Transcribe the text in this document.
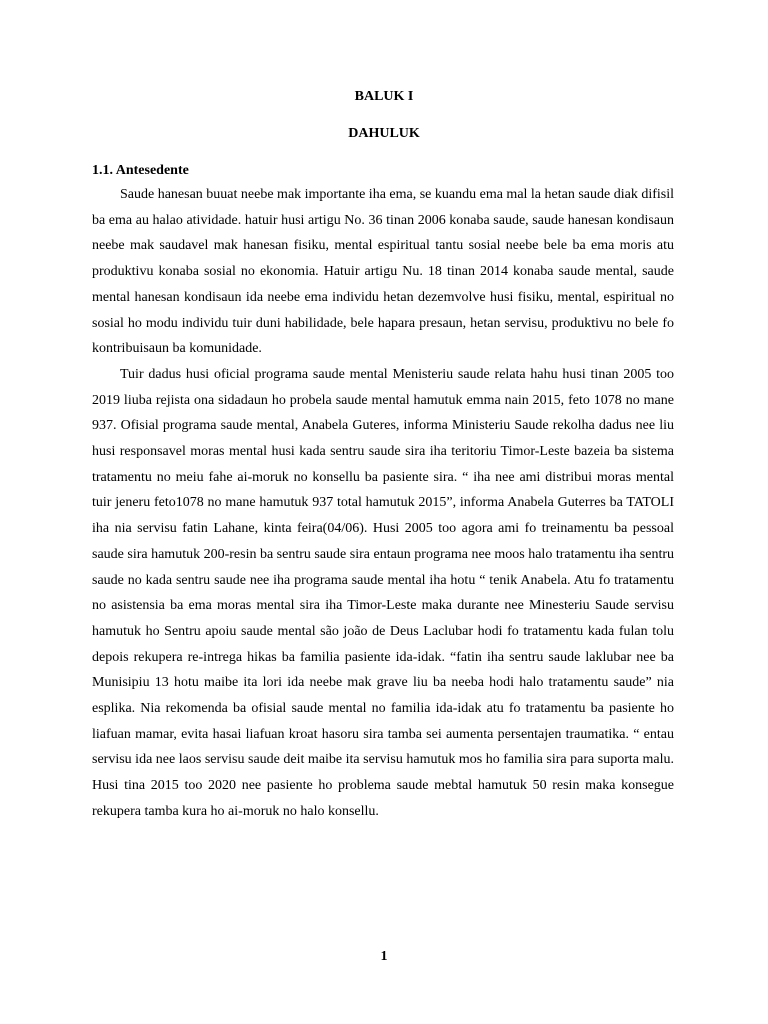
BALUK I
DAHULUK
1.1. Antesedente

Saude hanesan buuat neebe mak importante iha ema, se kuandu ema mal la hetan saude diak difisil ba ema au halao atividade. hatuir husi artigu No. 36 tinan 2006 konaba saude, saude hanesan kondisaun neebe mak saudavel mak hanesan fisiku, mental espiritual tantu sosial neebe bele ba ema moris atu produktivu konaba sosial no ekonomia. Hatuir artigu Nu. 18 tinan 2014 konaba saude mental, saude mental hanesan kondisaun ida neebe ema individu hetan dezemvolve husi fisiku, mental, espiritual no sosial ho modu individu tuir duni habilidade, bele hapara presaun, hetan servisu, produktivu no bele fo kontribuisaun ba komunidade.

Tuir dadus husi oficial programa saude mental Menisteriu saude relata hahu husi tinan 2005 too 2019 liuba rejista ona sidadaun ho probela saude mental hamutuk emma nain 2015, feto 1078 no mane 937. Ofisial programa saude mental, Anabela Guteres, informa Ministeriu Saude rekolha dadus nee liu husi responsavel moras mental husi kada sentru saude sira iha teritoriu Timor-Leste bazeia ba sistema tratamentu no meiu fahe ai-moruk no konsellu ba pasiente sira. “ iha nee ami distribui moras mental tuir jeneru feto1078 no mane hamutuk 937 total hamutuk 2015”, informa Anabela Guterres ba TATOLI iha nia servisu fatin Lahane, kinta feira(04/06). Husi 2005 too agora ami fo treinamentu ba pessoal saude sira hamutuk 200-resin ba sentru saude sira entaun programa nee moos halo tratamentu iha sentru saude no kada sentru saude nee iha programa saude mental iha hotu “ tenik Anabela. Atu fo tratamentu no asistensia ba ema moras mental sira iha Timor-Leste maka durante nee Minesteriu Saude servisu hamutuk ho Sentru apoiu saude mental são joão de Deus Laclubar hodi fo tratamentu kada fulan tolu depois rekupera re-intrega hikas ba familia pasiente ida-idak. “fatin iha sentru saude laklubar nee ba Munisipiu 13 hotu maibe ita lori ida neebe mak grave liu ba neeba hodi halo tratamentu saude” nia esplika. Nia rekomenda ba ofisial saude mental no familia ida-idak atu fo tratamentu ba pasiente ho liafuan mamar, evita hasai liafuan kroat hasoru sira tamba sei aumenta persentajen traumatika. “ entau servisu ida nee laos servisu saude deit maibe ita servisu hamutuk mos ho familia sira para suporta malu. Husi tina 2015 too 2020 nee pasiente ho problema saude mebtal hamutuk 50 resin maka konsegue rekupera tamba kura ho ai-moruk no halo konsellu.

1
